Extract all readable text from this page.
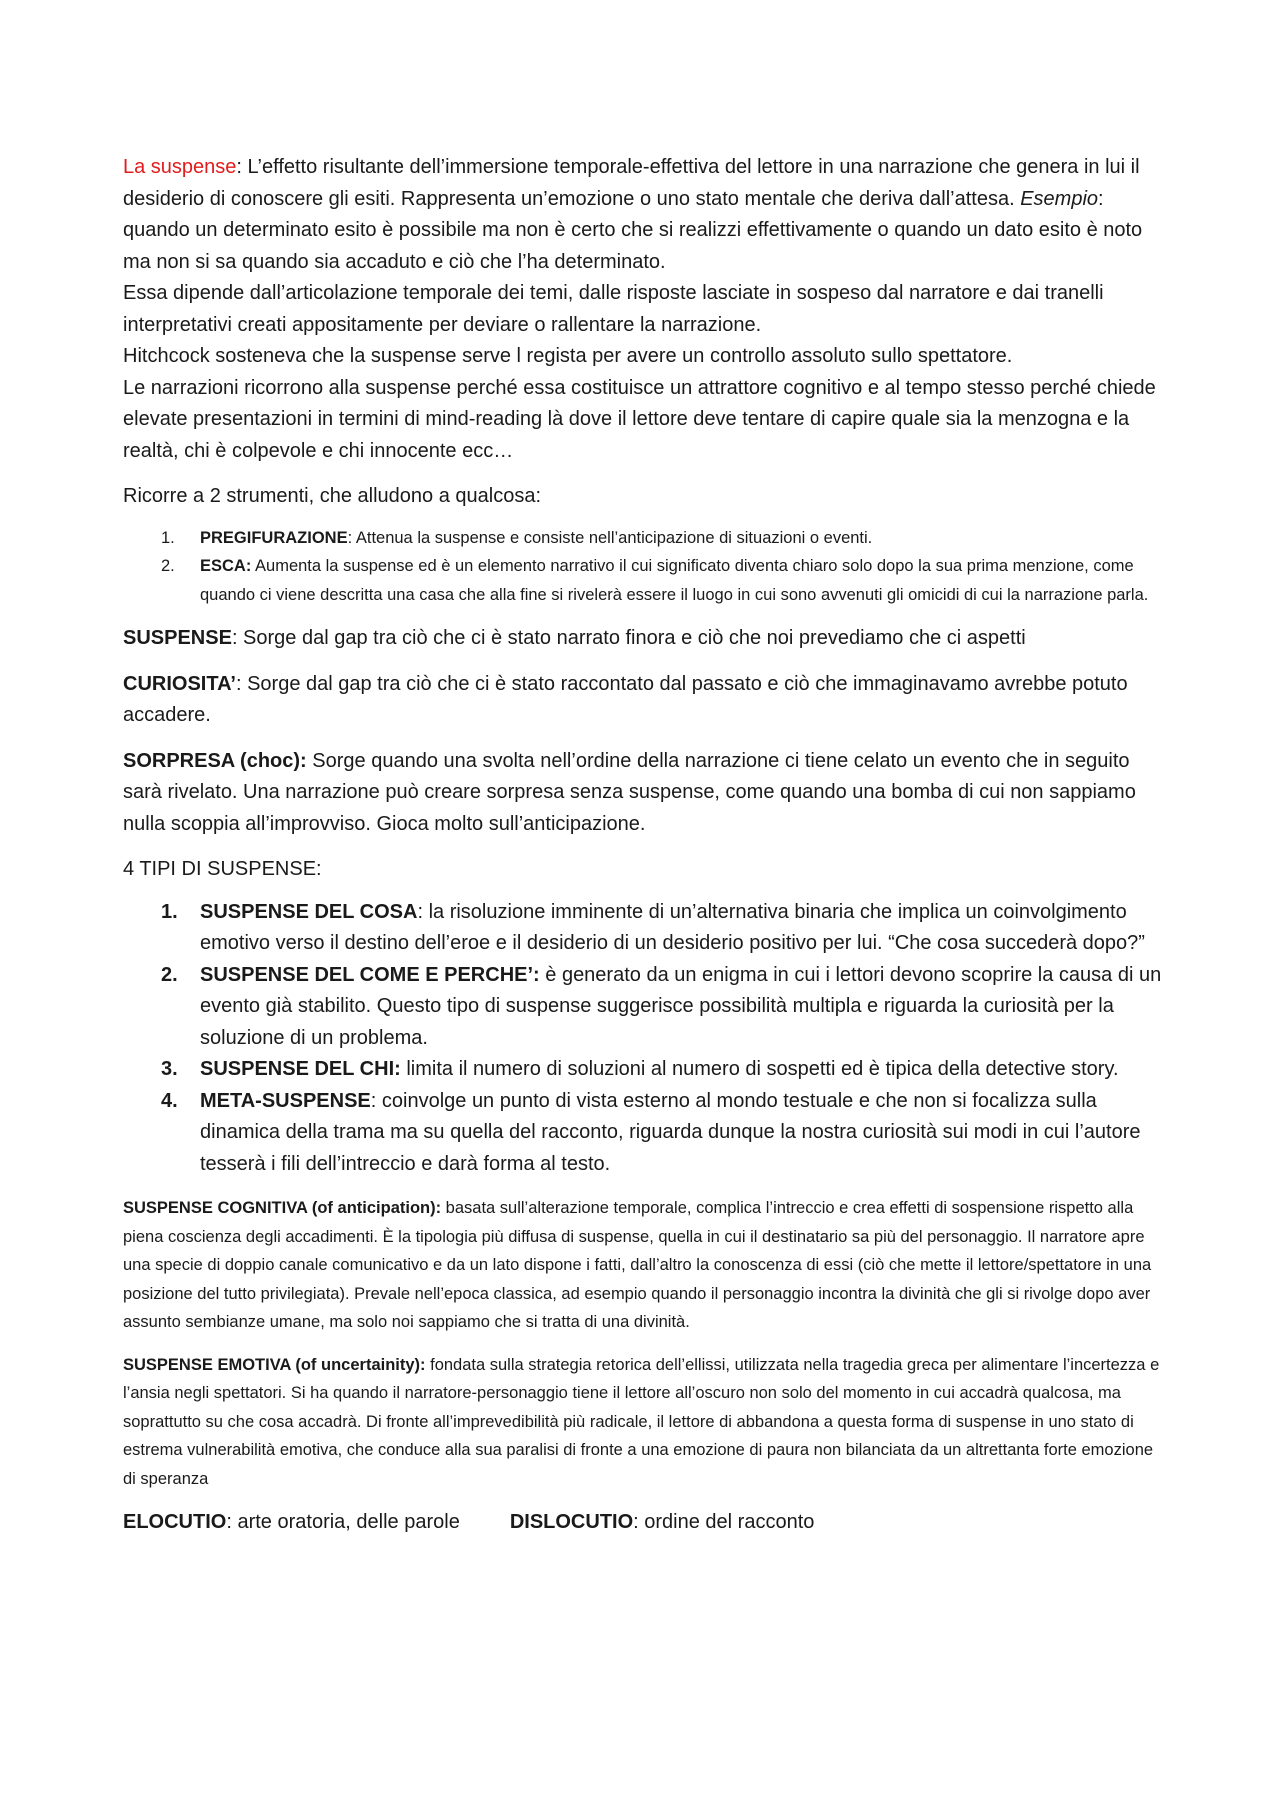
La suspense: L’effetto risultante dell’immersione temporale-effettiva del lettore in una narrazione che genera in lui il desiderio di conoscere gli esiti. Rappresenta un’emozione o uno stato mentale che deriva dall’attesa. Esempio: quando un determinato esito è possibile ma non è certo che si realizzi effettivamente o quando un dato esito è noto ma non si sa quando sia accaduto e ciò che l’ha determinato.
Essa dipende dall’articolazione temporale dei temi, dalle risposte lasciate in sospeso dal narratore e dai tranelli interpretativi creati appositamente per deviare o rallentare la narrazione.
Hitchcock sosteneva che la suspense serve l regista per avere un controllo assoluto sullo spettatore.
Le narrazioni ricorrono alla suspense perché essa costituisce un attrattore cognitivo e al tempo stesso perché chiede elevate presentazioni in termini di mind-reading là dove il lettore deve tentare di capire quale sia la menzogna e la realtà, chi è colpevole e chi innocente ecc…

Ricorre a 2 strumenti, che alludono a qualcosa:

1. PREGIFURAZIONE: Attenua la suspense e consiste nell’anticipazione di situazioni o eventi.
2. ESCA: Aumenta la suspense ed è un elemento narrativo il cui significato diventa chiaro solo dopo la sua prima menzione, come quando ci viene descritta una casa che alla fine si rivelerà essere il luogo in cui sono avvenuti gli omicidi di cui la narrazione parla.

SUSPENSE: Sorge dal gap tra ciò che ci è stato narrato finora e ciò che noi prevediamo che ci aspetti

CURIOSITA’: Sorge dal gap tra ciò che ci è stato raccontato dal passato e ciò che immaginavamo avrebbe potuto accadere.

SORPRESA (choc): Sorge quando una svolta nell’ordine della narrazione ci tiene celato un evento che in seguito sarà rivelato. Una narrazione può creare sorpresa senza suspense, come quando una bomba di cui non sappiamo nulla scoppia all’improvviso. Gioca molto sull’anticipazione.

4 TIPI DI SUSPENSE:

1. SUSPENSE DEL COSA: la risoluzione imminente di un’alternativa binaria che implica un coinvolgimento emotivo verso il destino dell’eroe e il desiderio di un desiderio positivo per lui. “Che cosa succederà dopo?”
2. SUSPENSE DEL COME E PERCHE’: è generato da un enigma in cui i lettori devono scoprire la causa di un evento già stabilito. Questo tipo di suspense suggerisce possibilità multipla e riguarda la curiosità per la soluzione di un problema.
3. SUSPENSE DEL CHI: limita il numero di soluzioni al numero di sospetti ed è tipica della detective story.
4. META-SUSPENSE: coinvolge un punto di vista esterno al mondo testuale e che non si focalizza sulla dinamica della trama ma su quella del racconto, riguarda dunque la nostra curiosità sui modi in cui l’autore tesserà i fili dell’intreccio e darà forma al testo.

SUSPENSE COGNITIVA (of anticipation): basata sull’alterazione temporale, complica l’intreccio e crea effetti di sospensione rispetto alla piena coscienza degli accadimenti. È la tipologia più diffusa di suspense, quella in cui il destinatario sa più del personaggio. Il narratore apre una specie di doppio canale comunicativo e da un lato dispone i fatti, dall’altro la conoscenza di essi (ciò che mette il lettore/spettatore in una posizione del tutto privilegiata). Prevale nell’epoca classica, ad esempio quando il personaggio incontra la divinità che gli si rivolge dopo aver assunto sembianze umane, ma solo noi sappiamo che si tratta di una divinità.

SUSPENSE EMOTIVA (of uncertainity): fondata sulla strategia retorica dell’ellissi, utilizzata nella tragedia greca per alimentare l’incertezza e l’ansia negli spettatori. Si ha quando il narratore-personaggio tiene il lettore all’oscuro non solo del momento in cui accadrà qualcosa, ma soprattutto su che cosa accadrà. Di fronte all’imprevedibilità più radicale, il lettore di abbandona a questa forma di suspense in uno stato di estrema vulnerabilità emotiva, che conduce alla sua paralisi di fronte a una emozione di paura non bilanciata da un altrettanta forte emozione di speranza

ELOCUTIO: arte oratoria, delle parole	DISLOCUTIO: ordine del racconto
